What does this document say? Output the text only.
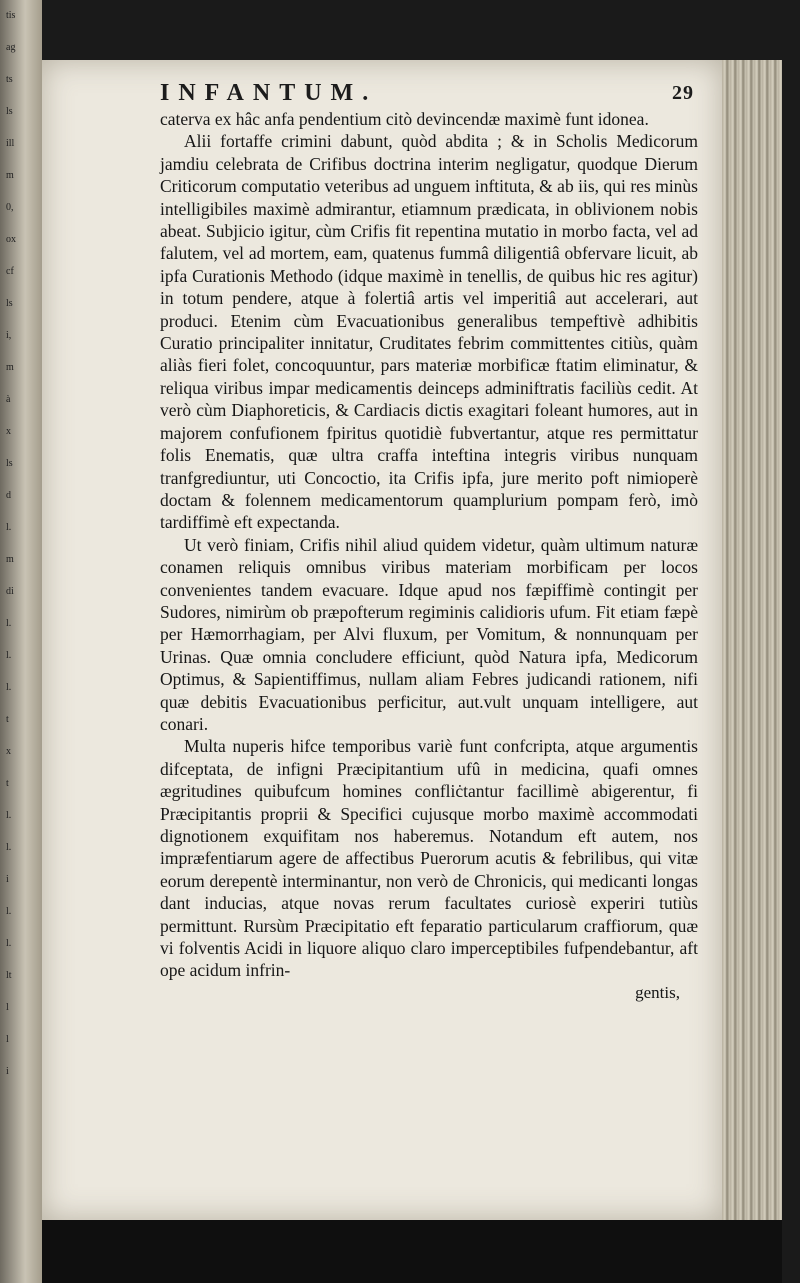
tis
ag
ts
ls
ill
m
0,
ox
cf
ls
i,
m
à
x
ls
d
l.
m
di
l.
l.
l.
t
x
t
l.
l.
i
l.
l.
lt
l
l
i
INFANTUM.	29

caterva ex hâc anfa pendentium citò devincendæ maximè funt idonea.

Alii fortaffe crimini dabunt, quòd abdita ; & in Scholis Medicorum jamdiu celebrata de Crifibus doctrina interim negligatur, quodque Dierum Criticorum computatio veteribus ad unguem inftituta, & ab iis, qui res minùs intelligibiles maximè admirantur, etiamnum prædicata, in oblivionem nobis abeat. Subjicio igitur, cùm Crifis fit repentina mutatio in morbo facta, vel ad falutem, vel ad mortem, eam, quatenus fummâ diligentiâ obfervare licuit, ab ipfa Curationis Methodo (idque maximè in tenellis, de quibus hic res agitur) in totum pendere, atque à folertiâ artis vel imperitiâ aut accelerari, aut produci. Etenim cùm Evacuationibus generalibus tempeftivè adhibitis Curatio principaliter innitatur, Cruditates febrim committentes citiùs, quàm aliàs fieri folet, concoquuntur, pars materiæ morbificæ ftatim eliminatur, & reliqua viribus impar medicamentis deinceps adminiftratis faciliùs cedit. At verò cùm Diaphoreticis, & Cardiacis dictis exagitari foleant humores, aut in majorem confufionem fpiritus quotidiè fubvertantur, atque res permittatur folis Enematis, quæ ultra craffa inteftina integris viribus nunquam tranfgrediuntur, uti Concoctio, ita Crifis ipfa, jure merito poft nimioperè doctam & folennem medicamentorum quamplurium pompam ferò, imò tardiffimè eft expectanda.

Ut verò finiam, Crifis nihil aliud quidem videtur, quàm ultimum naturæ conamen reliquis omnibus viribus materiam morbificam per locos convenientes tandem evacuare. Idque apud nos fæpiffimè contingit per Sudores, nimirùm ob præpofterum regiminis calidioris ufum. Fit etiam fæpè per Hæmorrhagiam, per Alvi fluxum, per Vomitum, & nonnunquam per Urinas. Quæ omnia concludere efficiunt, quòd Natura ipfa, Medicorum Optimus, & Sapientiffimus, nullam aliam Febres judicandi rationem, nifi quæ debitis Evacuationibus perficitur, aut.vult unquam intelligere, aut conari.

Multa nuperis hifce temporibus variè funt confcripta, atque argumentis difceptata, de infigni Præcipitantium ufû in medicina, quafi omnes ægritudines quibufcum homines confliċtantur facillimè abigerentur, fi Præcipitantis proprii & Specifici cujusque morbo maximè accommodati dignotionem exquifitam nos haberemus. Notandum eft autem, nos impræfentiarum agere de affectibus Puerorum acutis & febrilibus, qui vitæ eorum derepentè interminantur, non verò de Chronicis, qui medicanti longas dant inducias, atque novas rerum facultates curiosè experiri tutiùs permittunt. Rursùm Præcipitatio eft feparatio particularum craffiorum, quæ vi folventis Acidi in liquore aliquo claro imperceptibiles fufpendebantur, aft ope acidum infrin-

gentis,
